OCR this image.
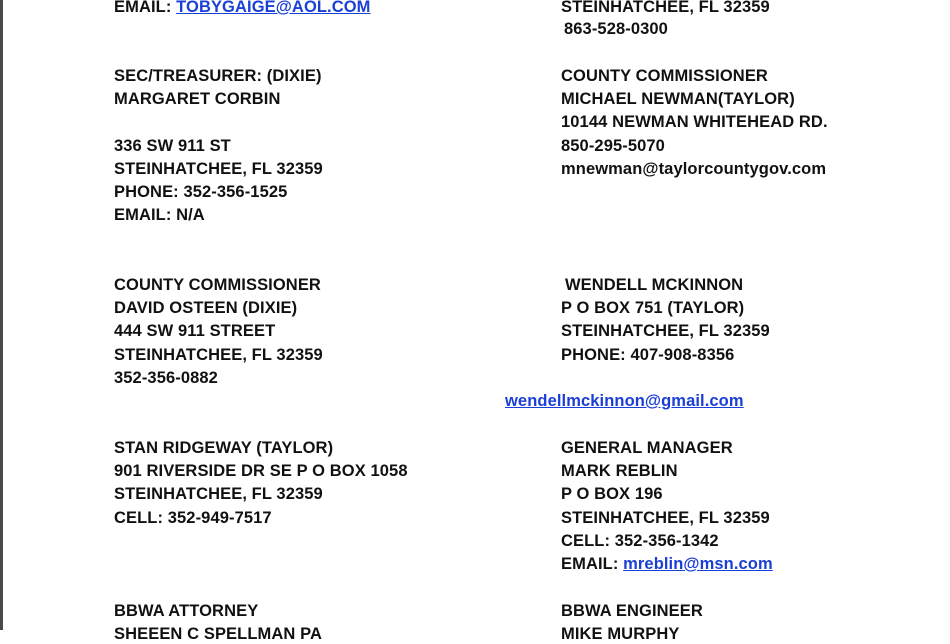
EMAIL: TOBYGAIGE@AOL.COM	STEINHATCHEE, FL 32359
863-528-0300
SEC/TREASURER: (DIXIE)
MARGARET CORBIN
336 SW 911 ST
STEINHATCHEE, FL 32359
PHONE: 352-356-1525
EMAIL: N/A
COUNTY COMMISSIONER
MICHAEL NEWMAN(TAYLOR)
10144 NEWMAN WHITEHEAD RD.
850-295-5070
mnewman@taylorcountygov.com
COUNTY COMMISSIONER
DAVID OSTEEN (DIXIE)
444 SW 911 STREET
STEINHATCHEE, FL 32359
352-356-0882
WENDELL MCKINNON
P O BOX 751 (TAYLOR)
STEINHATCHEE, FL 32359
PHONE: 407-908-8356
wendellmckinnon@gmail.com
STAN RIDGEWAY (TAYLOR)
901 RIVERSIDE DR SE P O BOX 1058
STEINHATCHEE, FL 32359
CELL: 352-949-7517
GENERAL MANAGER
MARK REBLIN
P O BOX 196
STEINHATCHEE, FL 32359
CELL: 352-356-1342
EMAIL: mreblin@msn.com
BBWA ATTORNEY
SHEEEN C SPELLMAN PA
BBWA ENGINEER
MIKE MURPHY
